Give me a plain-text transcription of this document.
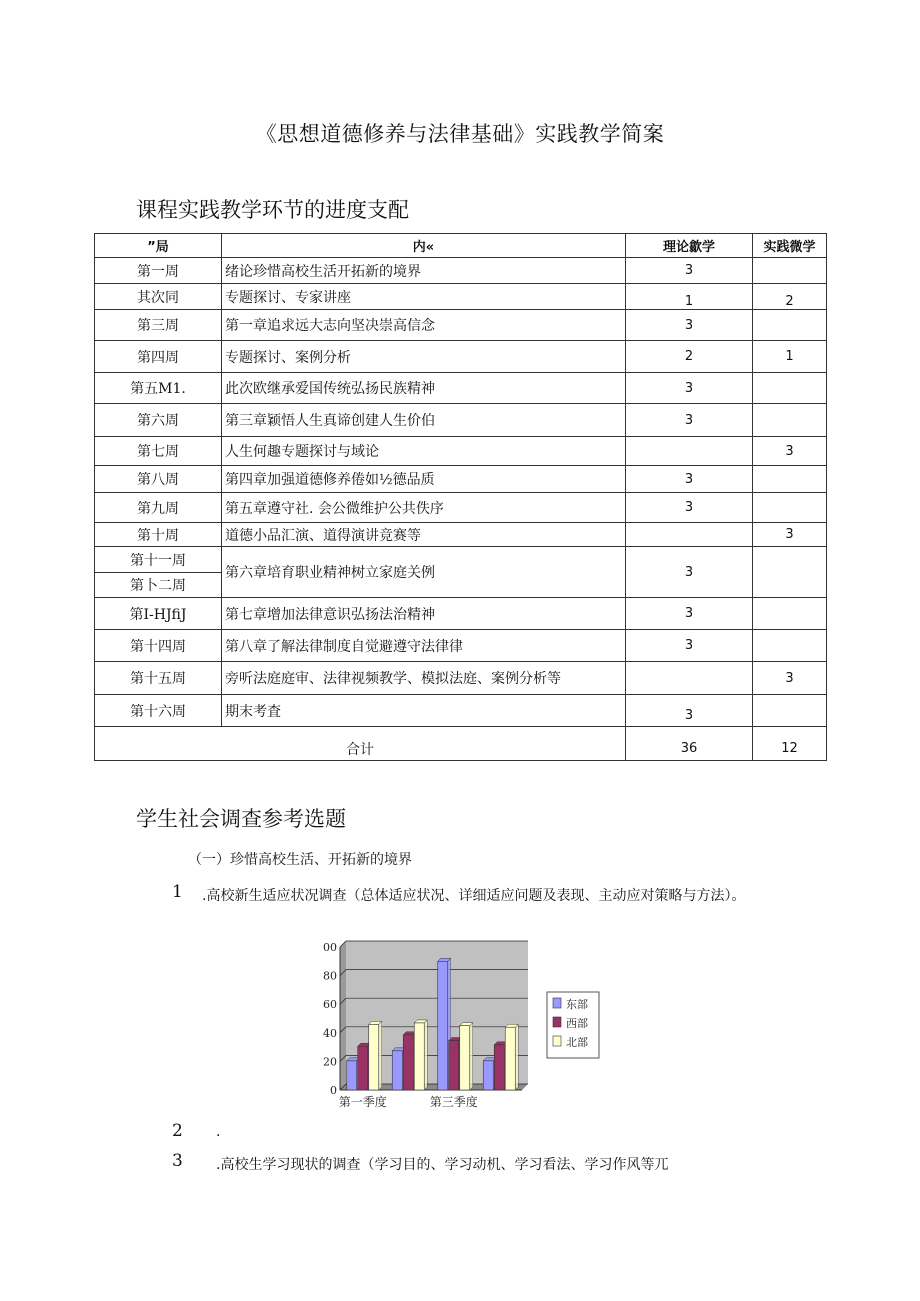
《思想道德修养与法律基础》实践教学简案
课程实践教学环节的进度支配
”局	内«	理论歙学	实践微学
第一周	绪论珍惜高校生活开拓新的境界	3	
其次同	专题探讨、专家讲座	1	2
第三周	第一章追求远大志向坚决崇高信念	3	
第四周	专题探讨、案例分析	2	1
第五M1.	此次欧继承爱国传统弘扬民族精神	3	
第六周	第三章颖悟人生真谛创建人生价伯	3	
第七周	人生何趣专题探讨与域论		3
第八周	第四章加强道德修养倦如½德品质	3	
第九周	第五章遵守社. 会公微维护公共佚序	3	
第十周	道德小品汇演、道得演讲竞赛等		3
第十一周	第六章培育职业精神树立家庭关例	3	
第卜二周			
第I-HJfiJ	第七章增加法律意识弘扬法治精神	3	
第十四周	第八章了解法律制度自觉避遵守法律律	3	
第十五周	旁听法庭庭审、法律视频教学、模拟法庭、案例分析等		3
第十六周	期末考査	3	
合计		36	12
学生社会调查参考选题
（一）珍惜高校生活、开拓新的境界
1 .高校新生适应状况调查（总体适应状况、详细适应问题及表现、主动应对策略与方法）。
0
20
40
60
80
00
第一季度	第三季度
东部
西部
北部
2 .
3 .高校生学习现状的调查（学习目的、学习动机、学习看法、学习作风等兀
